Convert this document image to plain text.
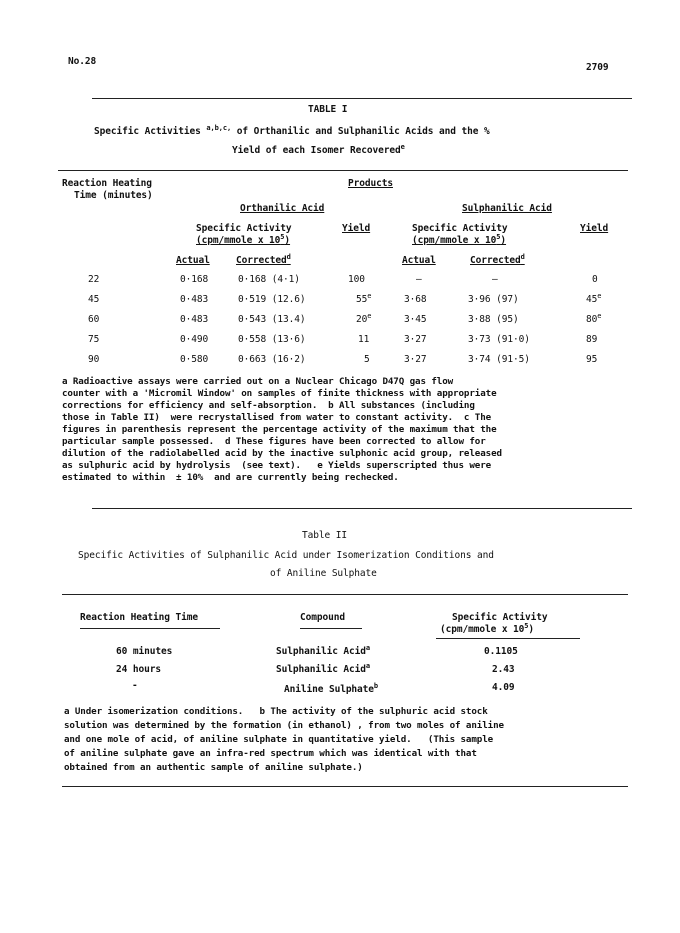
No.28
2709
TABLE I
Specific Activities $^{a,b,c,}$ of Orthanilic and Sulphanilic Acids and the %
Yield of each Isomer Recovered$^e$
Reaction Heating
Time (minutes)
Products
Orthanilic Acid	Sulphanilic Acid
Specific Activity
(cpm/mmole x $10^5$)
Yield	Specific Activity
(cpm/mmole x $10^5$)
Yield
Actual	Corrected$^d$	Actual	Corrected$^d$
22	0·168	0·168 (4·1)	100	–	–	0
45	0·483	0·519 (12.6)	55e	3·68	3·96 (97)	45e
60	0·483	0·543 (13.4)	20e	3·45	3·88 (95)	80e
75	0·490	0·558 (13·6)	11	3·27	3·73 (91·0)	89
90	0·580	0·663 (16·2)	5	3·27	3·74 (91·5)	95
a Radioactive assays were carried out on a Nuclear Chicago D47Q gas flow
counter with a 'Micromil Window' on samples of finite thickness with appropriate
corrections for efficiency and self-absorption.  b All substances (including
those in Table II)  were recrystallised from water to constant activity.  c The
figures in parenthesis represent the percentage activity of the maximum that the
particular sample possessed.  d These figures have been corrected to allow for
dilution of the radiolabelled acid by the inactive sulphonic acid group, released
as sulphuric acid by hydrolysis  (see text).   e Yields superscripted thus were
estimated to within  ± 10%  and are currently being rechecked.
Table II
Specific Activities of Sulphanilic Acid under Isomerization Conditions and
of Aniline Sulphate
Reaction Heating Time	Compound	Specific Activity
(cpm/mmole x $10^5$)
60 minutes	Sulphanilic Acid$^a$	0.1105
24 hours	Sulphanilic Acid$^a$	2.43
-	Aniline Sulphate$^b$	4.09
a Under isomerization conditions.   b The activity of the sulphuric acid stock
solution was determined by the formation (in ethanol) , from two moles of aniline
and one mole of acid, of aniline sulphate in quantitative yield.   (This sample
of aniline sulphate gave an infra-red spectrum which was identical with that
obtained from an authentic sample of aniline sulphate.)
